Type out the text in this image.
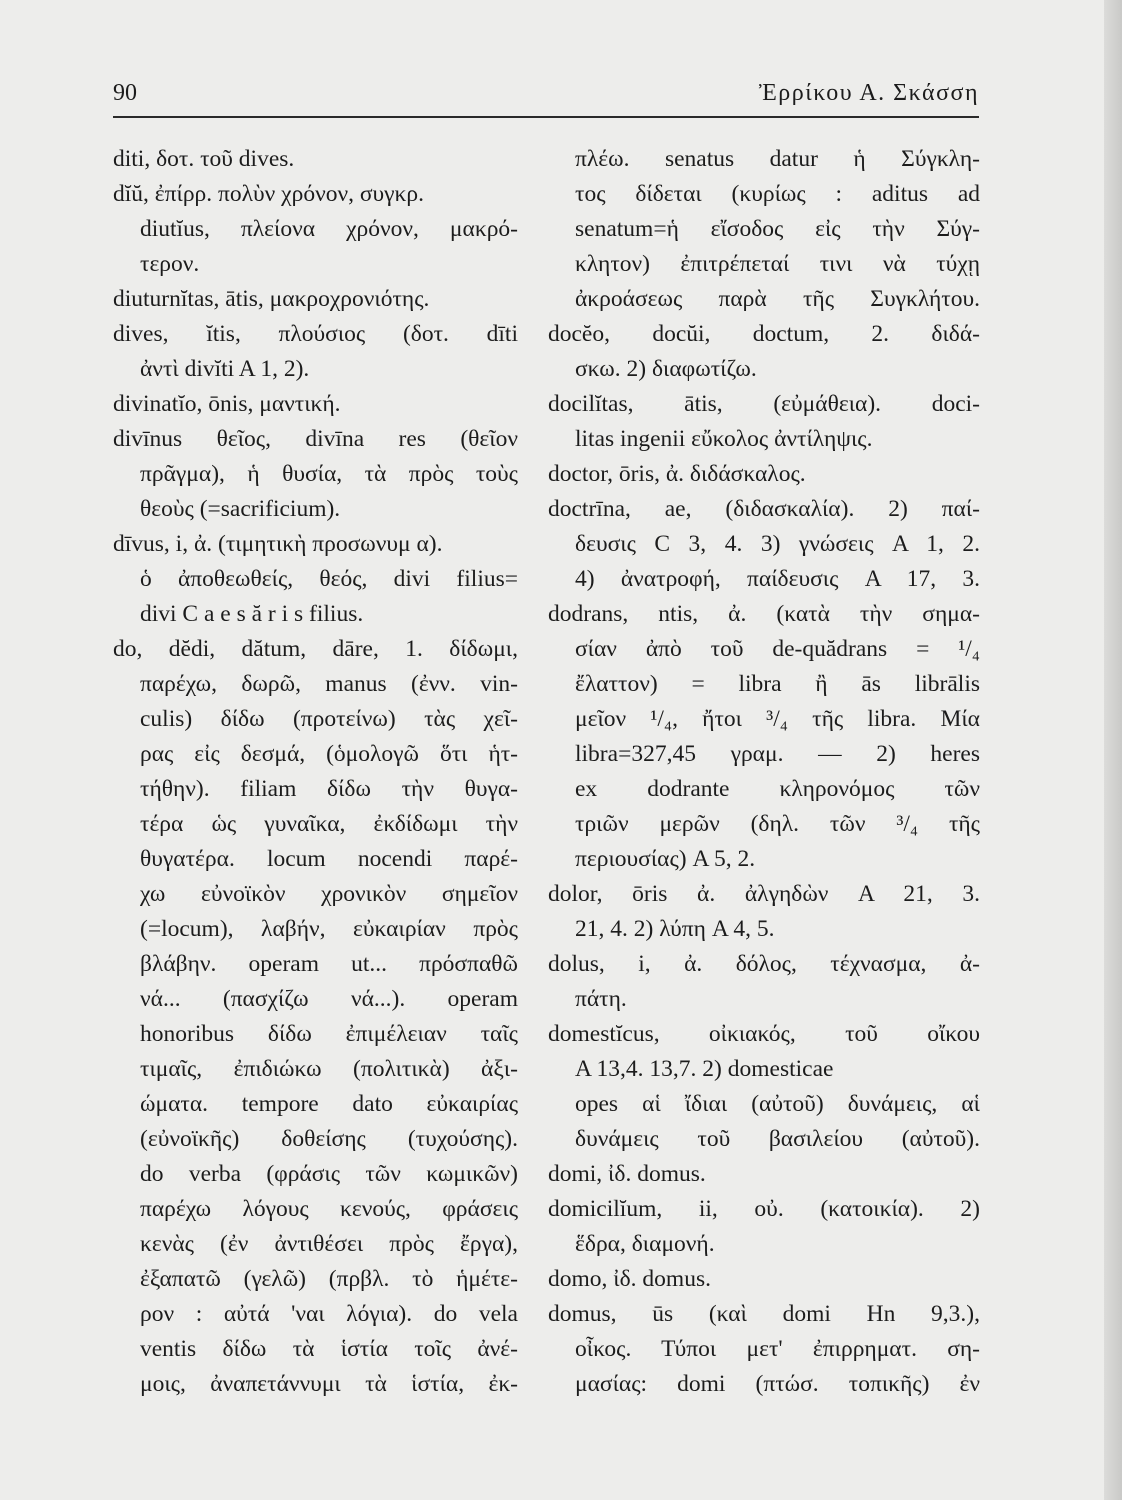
90	Ἐρρίκου Α. Σκάσση
diti, δοτ. τοῦ dives.
dĭŭ, ἐπίρρ. πολὺν χρόνον, συγκρ.
diutĭus, πλείονα χρόνον, μακρό-
τερον.
diuturnĭtas, ātis, μακροχρονιότης.
dives, ĭtis, πλούσιος (δοτ. dīti
ἀντὶ divĭti A 1, 2).
divinatĭo, ōnis, μαντική.
divīnus θεῖος, divīna res (θεῖον
πρᾶγμα), ἡ θυσία, τὰ πρὸς τοὺς
θεοὺς (=sacrificium).
dīvus, i, ἀ. (τιμητικὴ προσωνυμ α).
ὁ ἀποθεωθείς, θεός, divi filius=
divi C a e s ă r i s filius.
do, dĕdi, dătum, dāre, 1. δίδωμι,
παρέχω, δωρῶ, manus (ἐνν. vin-
culis) δίδω (προτείνω) τὰς χεῖ-
ρας εἰς δεσμά, (ὁμολογῶ ὅτι ἡτ-
τήθην). filiam δίδω τὴν θυγα-
τέρα ὡς γυναῖκα, ἐκδίδωμι τὴν
θυγατέρα. locum nocendi παρέ-
χω εὐνοϊκὸν χρονικὸν σημεῖον
(=locum), λαβήν, εὐκαιρίαν πρὸς
βλάβην. operam ut... πρόσπαθῶ
νά... (πασχίζω νά...). operam
honoribus δίδω ἐπιμέλειαν ταῖς
τιμαῖς, ἐπιδιώκω (πολιτικὰ) ἀξι-
ώματα. tempore dato εὐκαιρίας
(εὐνοϊκῆς) δοθείσης (τυχούσης).
do verba (φράσις τῶν κωμικῶν)
παρέχω λόγους κενούς, φράσεις
κενὰς (ἐν ἀντιθέσει πρὸς ἔργα),
ἐξαπατῶ (γελῶ) (πρβλ. τὸ ἡμέτε-
ρον : αὐτά 'ναι λόγια). do vela
ventis δίδω τὰ ἱστία τοῖς ἀνέ-
μοις, ἀναπετάννυμι τὰ ἱστία, ἐκ-
πλέω. senatus datur ἡ Σύγκλη-
τος δίδεται (κυρίως : aditus ad
senatum=ἡ εἴσοδος εἰς τὴν Σύγ-
κλητον) ἐπιτρέπεταί τινι νὰ τύχῃ
ἀκροάσεως παρὰ τῆς Συγκλήτου.
docĕo, docŭi, doctum, 2. διδά-
σκω. 2) διαφωτίζω.
docilĭtas, ātis, (εὐμάθεια). doci-
litas ingenii εὔκολος ἀντίληψις.
doctor, ōris, ἀ. διδάσκαλος.
doctrīna, ae, (διδασκαλία). 2) παί-
δευσις C 3, 4. 3) γνώσεις A 1, 2.
4) ἀνατροφή, παίδευσις A 17, 3.
dodrans, ntis, ἀ. (κατὰ τὴν σημα-
σίαν ἀπὸ τοῦ de-quădrans = ¹/₄
ἔλαττον) = libra ἢ ās librālis
μεῖον ¹/₄, ἤτοι ³/₄ τῆς libra. Μία
libra=327,45 γραμ. — 2) heres
ex dodrante κληρονόμος τῶν
τριῶν μερῶν (δηλ. τῶν ³/₄ τῆς
περιουσίας) A 5, 2.
dolor, ōris ἀ. ἀλγηδὼν A 21, 3.
21, 4. 2) λύπη A 4, 5.
dolus, i, ἀ. δόλος, τέχνασμα, ἀ-
πάτη.
domestĭcus, οἰκιακός, τοῦ οἴκου
A 13,4. 13,7. 2) domesticae
opes αἱ ἴδιαι (αὐτοῦ) δυνάμεις, αἱ
δυνάμεις τοῦ βασιλείου (αὐτοῦ).
domi, ἰδ. domus.
domicilĭum, ii, οὐ. (κατοικία). 2)
ἕδρα, διαμονή.
domo, ἰδ. domus.
domus, ūs (καὶ domi Hn 9,3.),
οἶκος. Τύποι μετ' ἐπιρρηματ. ση-
μασίας: domi (πτώσ. τοπικῆς) ἐν
